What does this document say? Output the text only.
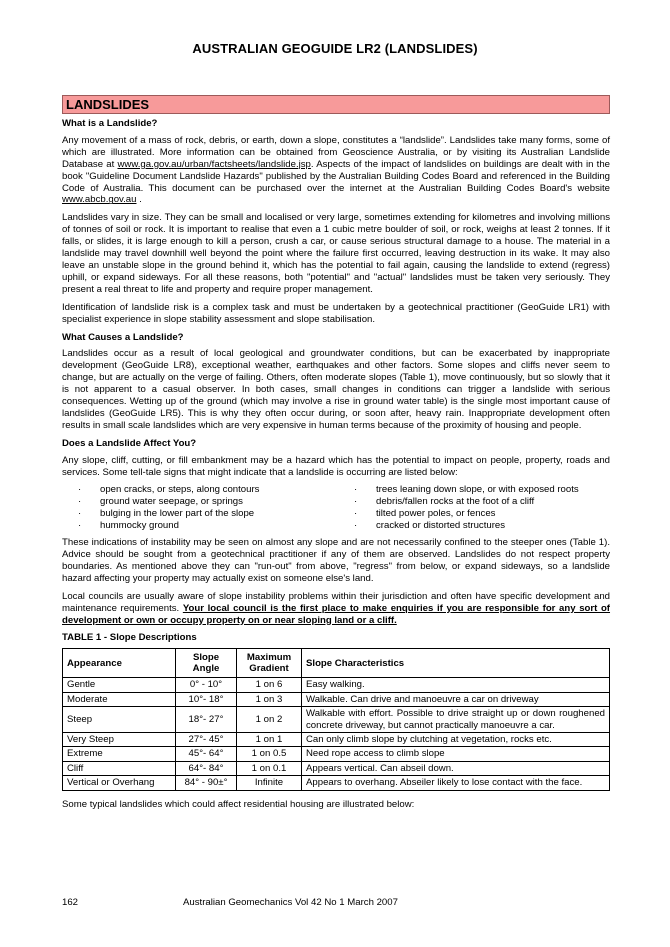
AUSTRALIAN GEOGUIDE LR2 (LANDSLIDES)
LANDSLIDES
What is a Landslide?

Any movement of a mass of rock, debris, or earth, down a slope, constitutes a “landslide”. Landslides take many forms, some of which are illustrated. More information can be obtained from Geoscience Australia, or by visiting its Australian Landslide Database at www.ga.gov.au/urban/factsheets/landslide.jsp. Aspects of the impact of landslides on buildings are dealt with in the book "Guideline Document Landslide Hazards" published by the Australian Building Codes Board and referenced in the Building Code of Australia. This document can be purchased over the internet at the Australian Building Codes Board's website www.abcb.gov.au .

Landslides vary in size. They can be small and localised or very large, sometimes extending for kilometres and involving millions of tonnes of soil or rock. It is important to realise that even a 1 cubic metre boulder of soil, or rock, weighs at least 2 tonnes. If it falls, or slides, it is large enough to kill a person, crush a car, or cause serious structural damage to a house. The material in a landslide may travel downhill well beyond the point where the failure first occurred, leaving destruction in its wake. It may also leave an unstable slope in the ground behind it, which has the potential to fail again, causing the landslide to extend (regress) uphill, or expand sideways. For all these reasons, both "potential" and "actual" landslides must be taken very seriously. They present a real threat to life and property and require proper management.

Identification of landslide risk is a complex task and must be undertaken by a geotechnical practitioner (GeoGuide LR1) with specialist experience in slope stability assessment and slope stabilisation.

What Causes a Landslide?

Landslides occur as a result of local geological and groundwater conditions, but can be exacerbated by inappropriate development (GeoGuide LR8), exceptional weather, earthquakes and other factors. Some slopes and cliffs never seem to change, but are actually on the verge of failing. Others, often moderate slopes (Table 1), move continuously, but so slowly that it is not apparent to a casual observer. In both cases, small changes in conditions can trigger a landslide with serious consequences. Wetting up of the ground (which may involve a rise in ground water table) is the single most important cause of landslides (GeoGuide LR5). This is why they often occur during, or soon after, heavy rain. Inappropriate development often results in small scale landslides which are very expensive in human terms because of the proximity of housing and people.

Does a Landslide Affect You?

Any slope, cliff, cutting, or fill embankment may be a hazard which has the potential to impact on people, property, roads and services. Some tell-tale signs that might indicate that a landslide is occurring are listed below:

· open cracks, or steps, along contours
· ground water seepage, or springs
· bulging in the lower part of the slope
· hummocky ground
· trees leaning down slope, or with exposed roots
· debris/fallen rocks at the foot of a cliff
· tilted power poles, or fences
· cracked or distorted structures

These indications of instability may be seen on almost any slope and are not necessarily confined to the steeper ones (Table 1). Advice should be sought from a geotechnical practitioner if any of them are observed. Landslides do not respect property boundaries. As mentioned above they can "run-out" from above, "regress" from below, or expand sideways, so a landslide hazard affecting your property may actually exist on someone else's land.

Local councils are usually aware of slope instability problems within their jurisdiction and often have specific development and maintenance requirements. Your local council is the first place to make enquiries if you are responsible for any sort of development or own or occupy property on or near sloping land or a cliff.

TABLE 1 - Slope Descriptions
Appearance	Slope Angle	Maximum Gradient	Slope Characteristics
Gentle	0° - 10°	1 on 6	Easy walking.
Moderate	10°- 18°	1 on 3	Walkable. Can drive and manoeuvre a car on driveway
Steep	18°- 27°	1 on 2	Walkable with effort. Possible to drive straight up or down roughened concrete driveway, but cannot practically manoeuvre a car.
Very Steep	27°- 45°	1 on 1	Can only climb slope by clutching at vegetation, rocks etc.
Extreme	45°- 64°	1 on 0.5	Need rope access to climb slope
Cliff	64°- 84°	1 on 0.1	Appears vertical. Can abseil down.
Vertical or Overhang	84° - 90±°	Infinite	Appears to overhang. Abseiler likely to lose contact with the face.

Some typical landslides which could affect residential housing are illustrated below:

162	Australian Geomechanics Vol 42 No 1 March 2007
